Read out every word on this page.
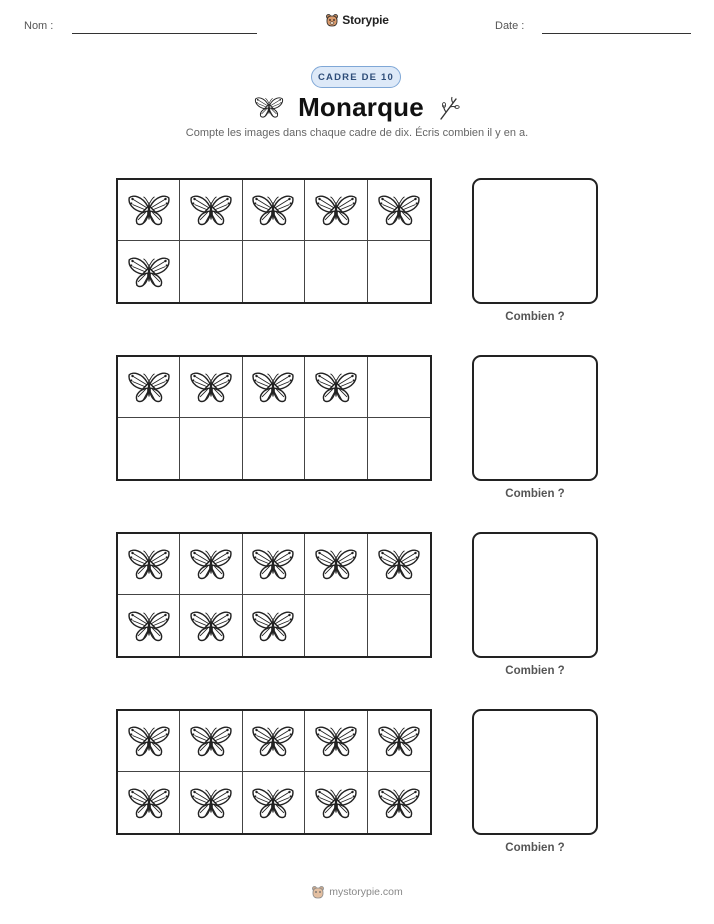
Nom :	Storypie	Date :
CADRE DE 10
Monarque
Compte les images dans chaque cadre de dix. Écris combien il y en a.
Combien ?
Combien ?
Combien ?
Combien ?
mystorypie.com
